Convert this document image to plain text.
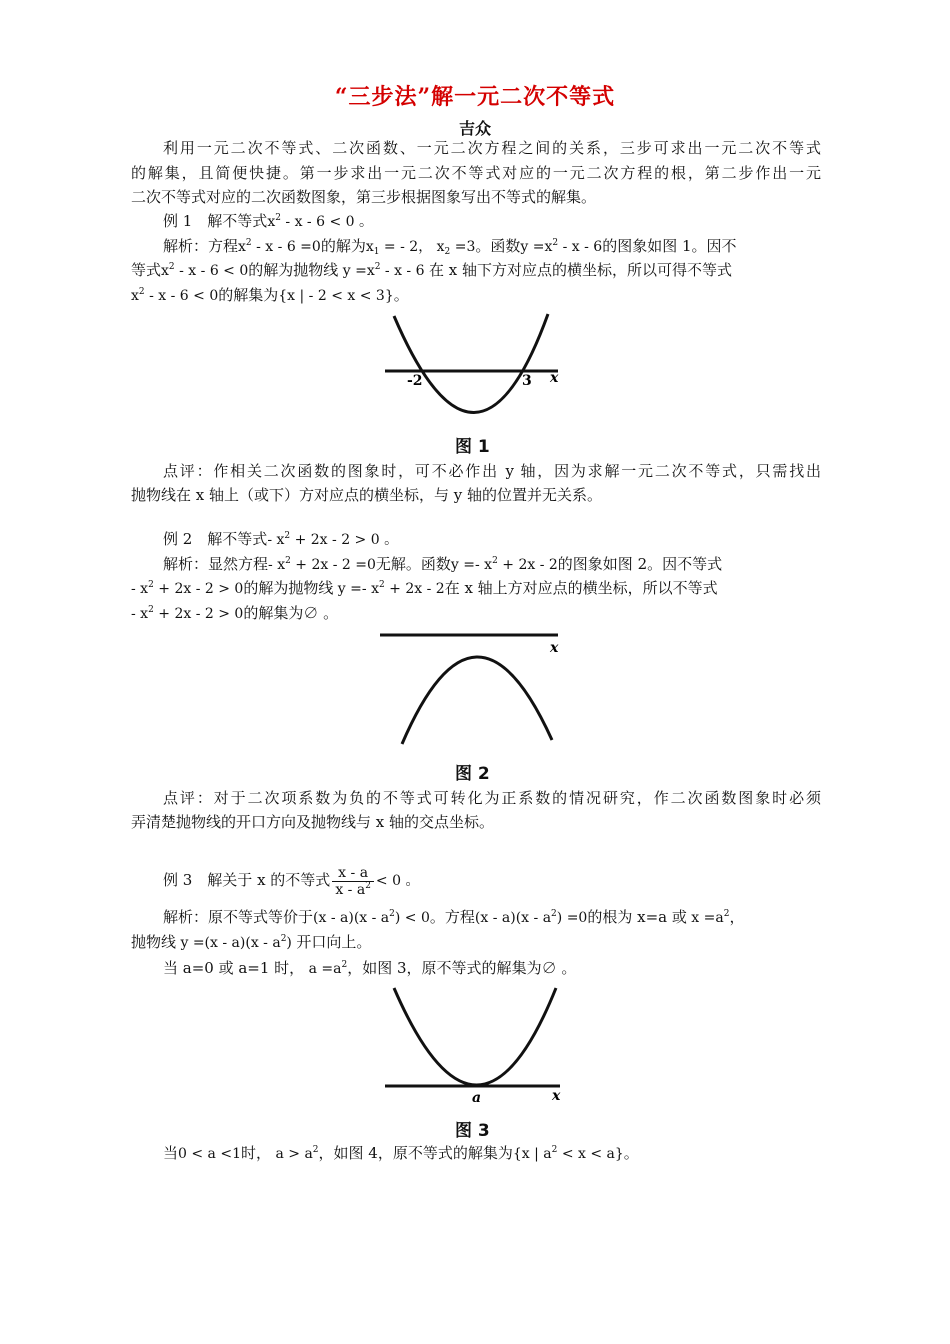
“三步法”解一元二次不等式
吉众
利用一元二次不等式、二次函数、一元二次方程之间的关系，三步可求出一元二次不等式
的解集，且简便快捷。第一步求出一元二次不等式对应的一元二次方程的根，第二步作出一元
二次不等式对应的二次函数图象，第三步根据图象写出不等式的解集。
例 1　解不等式$x^2 - x - 6 < 0$ 。
解析：方程$x^2 - x - 6 =0$的解为$x_1$ = - 2， $x_2 =3$。函数$y =x^2 - x - 6$的图象如图 1。因不
等式$x^2 - x - 6 < 0$的解为抛物线 $y =x^2 - x - 6$ 在 x 轴下方对应点的横坐标，所以可得不等式
$x^2 - x - 6 < 0$的解集为{x | - 2 < x < 3}。
-2	3 x
图 1
点评：作相关二次函数的图象时，可不必作出 y 轴，因为求解一元二次不等式，只需找出
抛物线在 x 轴上（或下）方对应点的横坐标，与 y 轴的位置并无关系。
例 2　解不等式- $x^2 + 2x - 2 > 0$ 。
解析：显然方程- $x^2 + 2x - 2 =0$无解。函数$y =- x^2 + 2x - 2$的图象如图 2。因不等式
- $x^2 + 2x - 2 > 0$的解为抛物线 $y =- x^2 + 2x - 2$在 x 轴上方对应点的横坐标，所以不等式
- $x^2 + 2x - 2 > 0$的解集为∅ 。
x
图 2
点评：对于二次项系数为负的不等式可转化为正系数的情况研究，作二次函数图象时必须
弄清楚抛物线的开口方向及抛物线与 x 轴的交点坐标。
例 3　解关于 x 的不等式 $\frac{x - a}{x - a^2} < 0$ 。
解析：原不等式等价于$(x - a)(x - a^2) < 0$。方程$(x - a)(x - a^2) =0$的根为 x=a 或 $x =a^2$，
抛物线 $y =(x - a)(x - a^2)$ 开口向上。
当 a=0 或 a=1 时， $a =a^2$，如图 3，原不等式的解集为∅ 。
a	x
图 3
当0 < a <1时， $a > a^2$，如图 4，原不等式的解集为{x | $a^2 < x < a$}。
